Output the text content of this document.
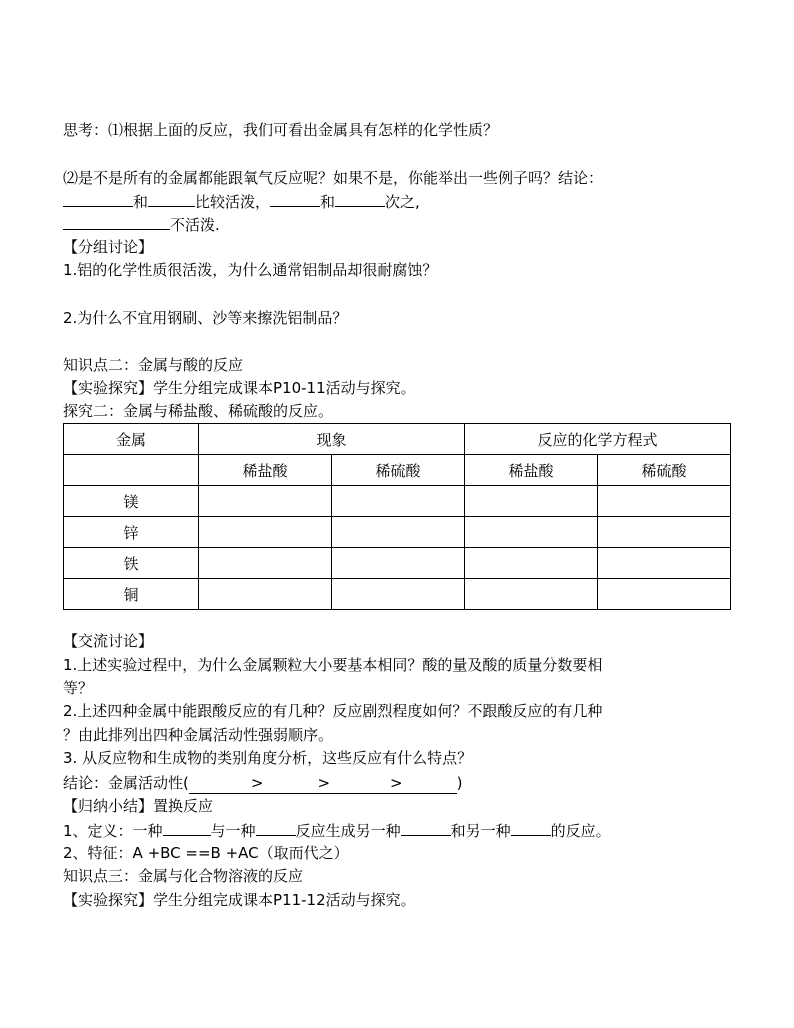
思考：⑴根据上面的反应，我们可看出金属具有怎样的化学性质？
⑵是不是所有的金属都能跟氧气反应呢？如果不是，你能举出一些例子吗？结论：
和	比较活泼，	和	次之,
不活泼.
【分组讨论】
1.铝的化学性质很活泼，为什么通常铝制品却很耐腐蚀？
2.为什么不宜用钢刷、沙等来擦洗铝制品？
知识点二：金属与酸的反应
【实验探究】学生分组完成课本P10-11活动与探究。
探究二：金属与稀盐酸、稀硫酸的反应。
金属	现象		反应的化学方程式	
	稀盐酸	稀硫酸	稀盐酸	稀硫酸
镁				
锌				
铁				
铜				
【交流讨论】
1.上述实验过程中，为什么金属颗粒大小要基本相同？酸的量及酸的质量分数要相
等？
2.上述四种金属中能跟酸反应的有几种？反应剧烈程度如何？不跟酸反应的有几种
？由此排列出四种金属活动性强弱顺序。
3. 从反应物和生成物的类别角度分析，这些反应有什么特点？
结论：金属活动性(	>	>	>	)
【归纳小结】置换反应
1、定义：一种	与一种	反应生成另一种	和另一种	的反应。
2、特征：A +BC ==B +AC（取而代之）
知识点三：金属与化合物溶液的反应
【实验探究】学生分组完成课本P11-12活动与探究。
